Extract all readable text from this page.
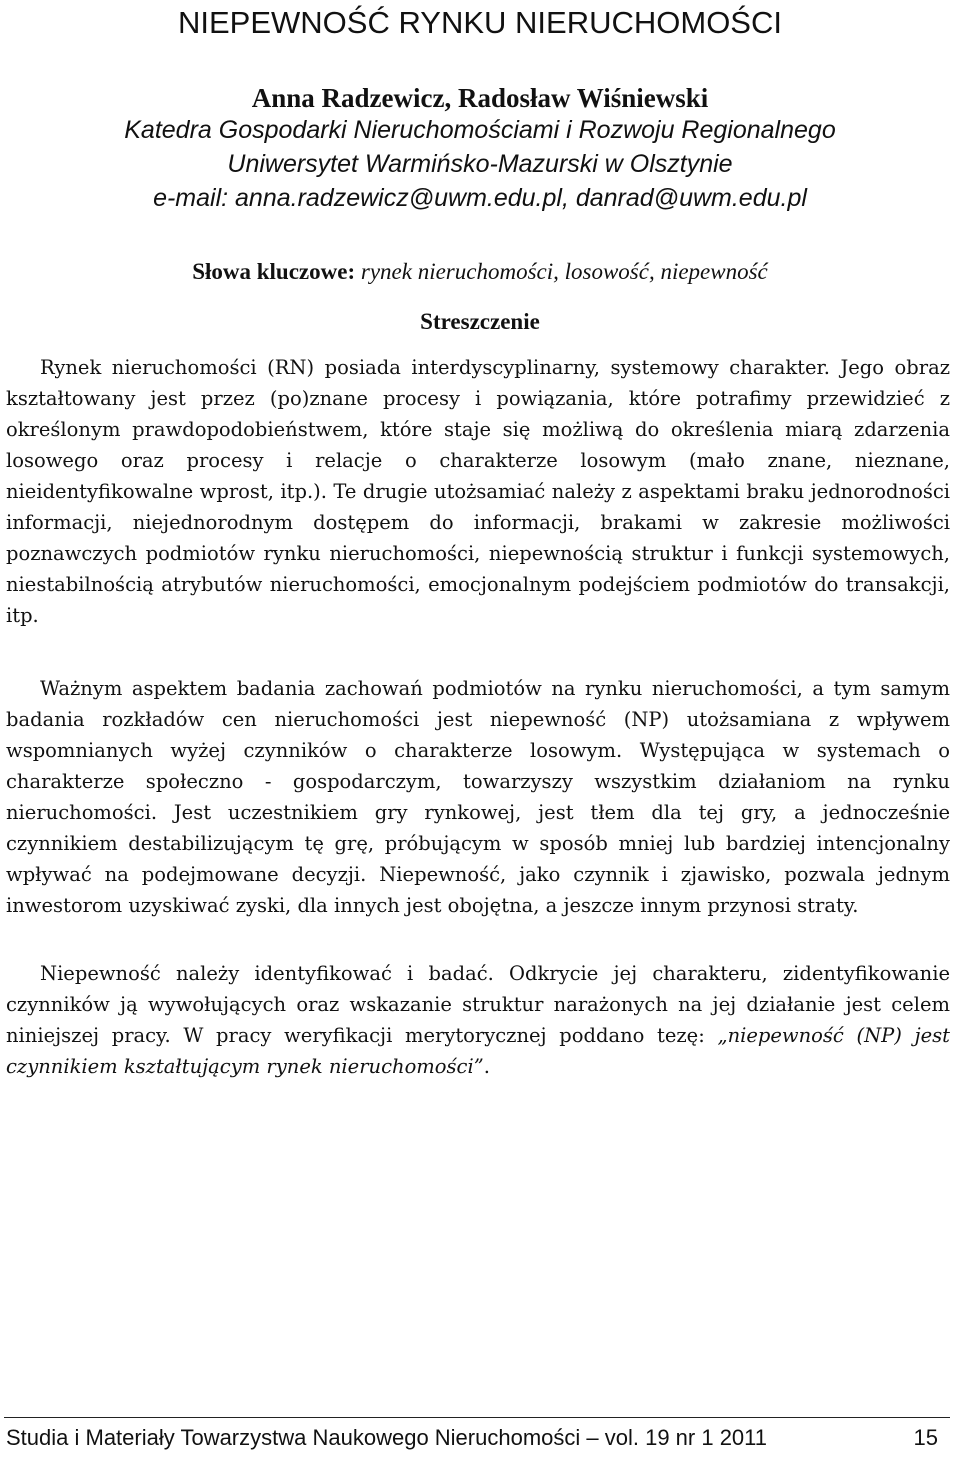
NIEPEWNOŚĆ RYNKU NIERUCHOMOŚCI
Anna Radzewicz, Radosław Wiśniewski
Katedra Gospodarki Nieruchomościami i Rozwoju Regionalnego
Uniwersytet Warmińsko-Mazurski w Olsztynie
e-mail: anna.radzewicz@uwm.edu.pl, danrad@uwm.edu.pl
Słowa kluczowe: rynek nieruchomości, losowość, niepewność
Streszczenie

Rynek nieruchomości (RN) posiada interdyscyplinarny, systemowy charakter. Jego obraz kształtowany jest przez (po)znane procesy i powiązania, które potrafimy przewidzieć z określonym prawdopodobieństwem, które staje się możliwą do określenia miarą zdarzenia losowego oraz procesy i relacje o charakterze losowym (mało znane, nieznane, nieidentyfikowalne wprost, itp.). Te drugie utożsamiać należy z aspektami braku jednorodności informacji, niejednorodnym dostępem do informacji, brakami w zakresie możliwości poznawczych podmiotów rynku nieruchomości, niepewnością struktur i funkcji systemowych, niestabilnością atrybutów nieruchomości, emocjonalnym podejściem podmiotów do transakcji, itp.

Ważnym aspektem badania zachowań podmiotów na rynku nieruchomości, a tym samym badania rozkładów cen nieruchomości jest niepewność (NP) utożsamiana z wpływem wspomnianych wyżej czynników o charakterze losowym. Występująca w systemach o charakterze społeczno - gospodarczym, towarzyszy wszystkim działaniom na rynku nieruchomości. Jest uczestnikiem gry rynkowej, jest tłem dla tej gry, a jednocześnie czynnikiem destabilizującym tę grę, próbującym w sposób mniej lub bardziej intencjonalny wpływać na podejmowane decyzji. Niepewność, jako czynnik i zjawisko, pozwala jednym inwestorom uzyskiwać zyski, dla innych jest obojętna, a jeszcze innym przynosi straty.

Niepewność należy identyfikować i badać. Odkrycie jej charakteru, zidentyfikowanie czynników ją wywołujących oraz wskazanie struktur narażonych na jej działanie jest celem niniejszej pracy. W pracy weryfikacji merytorycznej poddano tezę: „niepewność (NP) jest czynnikiem kształtującym rynek nieruchomości”.

Studia i Materiały Towarzystwa Naukowego Nieruchomości – vol. 19 nr 1 2011	15
